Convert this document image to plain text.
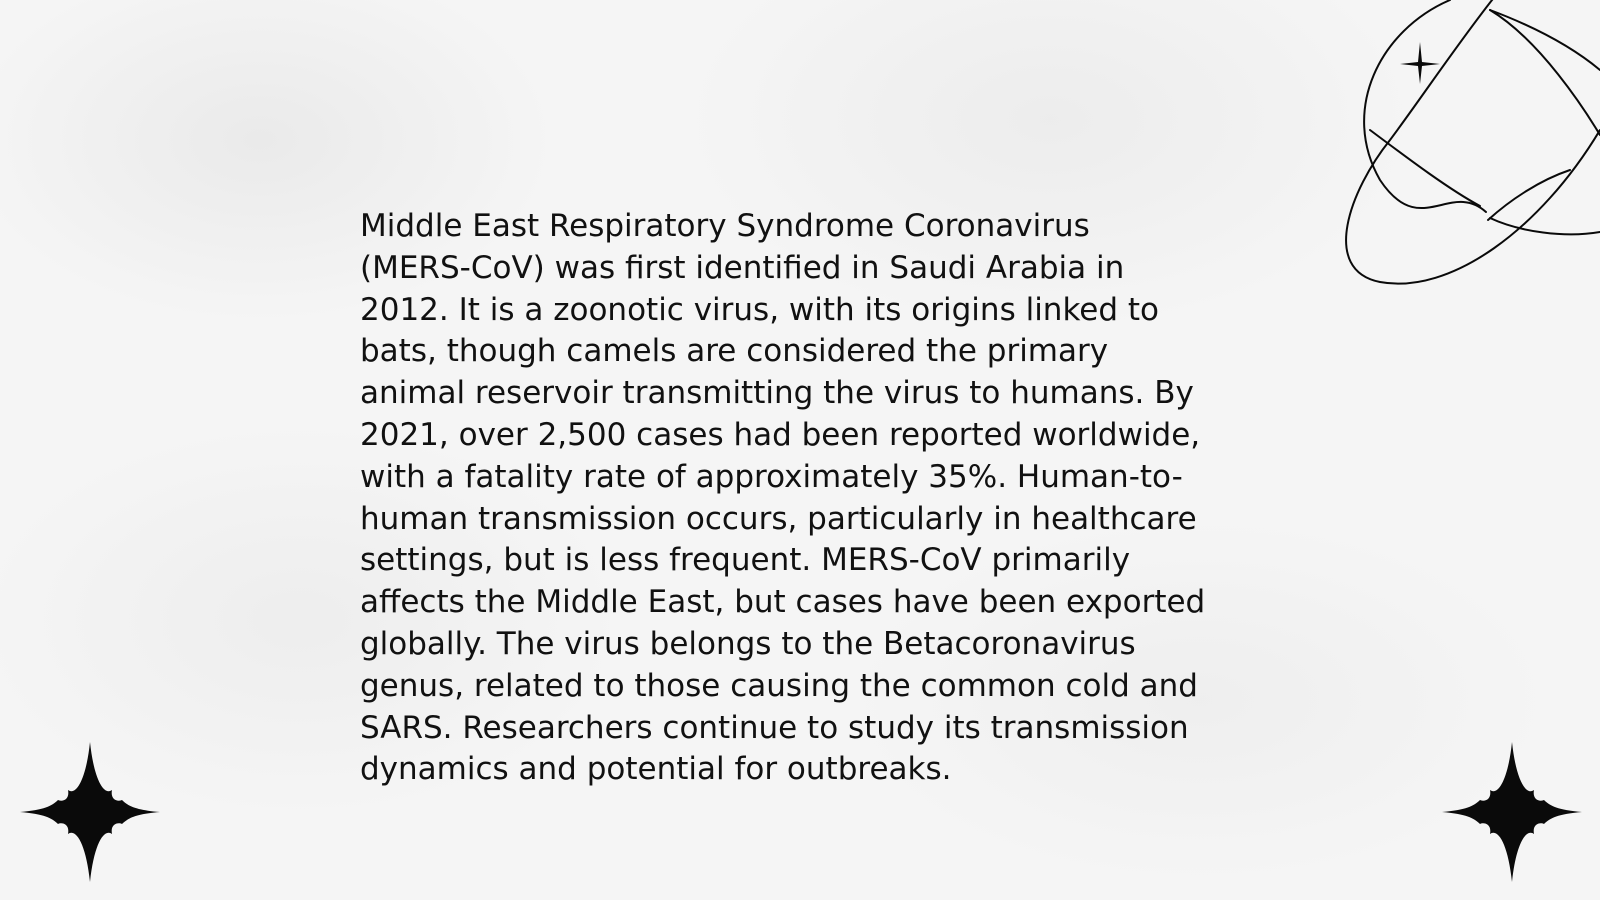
Middle East Respiratory Syndrome Coronavirus
(MERS-CoV) was first identified in Saudi Arabia in
2012. It is a zoonotic virus, with its origins linked to
bats, though camels are considered the primary
animal reservoir transmitting the virus to humans. By
2021, over 2,500 cases had been reported worldwide,
with a fatality rate of approximately 35%. Human-to-
human transmission occurs, particularly in healthcare
settings, but is less frequent. MERS-CoV primarily
affects the Middle East, but cases have been exported
globally. The virus belongs to the Betacoronavirus
genus, related to those causing the common cold and
SARS. Researchers continue to study its transmission
dynamics and potential for outbreaks.
